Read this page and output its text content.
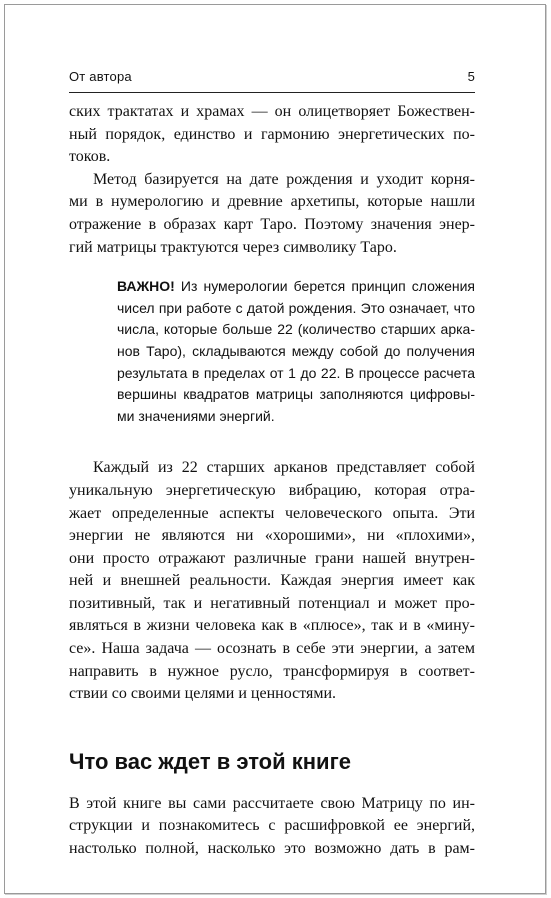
От автора	5

ских трактатах и храмах — он олицетворяет Божествен-
ный порядок, единство и гармонию энергетических по-
токов.

Метод базируется на дате рождения и уходит корня-
ми в нумерологию и древние архетипы, которые нашли
отражение в образах карт Таро. Поэтому значения энер-
гий матрицы трактуются через символику Таро.

ВАЖНО! Из нумерологии берется принцип сложения
чисел при работе с датой рождения. Это означает, что
числа, которые больше 22 (количество старших арка-
нов Таро), складываются между собой до получения
результата в пределах от 1 до 22. В процессе расчета
вершины квадратов матрицы заполняются цифровы-
ми значениями энергий.

Каждый из 22 старших арканов представляет собой
уникальную энергетическую вибрацию, которая отра-
жает определенные аспекты человеческого опыта. Эти
энергии не являются ни «хорошими», ни «плохими»,
они просто отражают различные грани нашей внутрен-
ней и внешней реальности. Каждая энергия имеет как
позитивный, так и негативный потенциал и может про-
являться в жизни человека как в «плюсе», так и в «мину-
се». Наша задача — осознать в себе эти энергии, а затем
направить в нужное русло, трансформируя в соответ-
ствии со своими целями и ценностями.

Что вас ждет в этой книге

В этой книге вы сами рассчитаете свою Матрицу по ин-
струкции и познакомитесь с расшифровкой ее энергий,
настолько полной, насколько это возможно дать в рам-
